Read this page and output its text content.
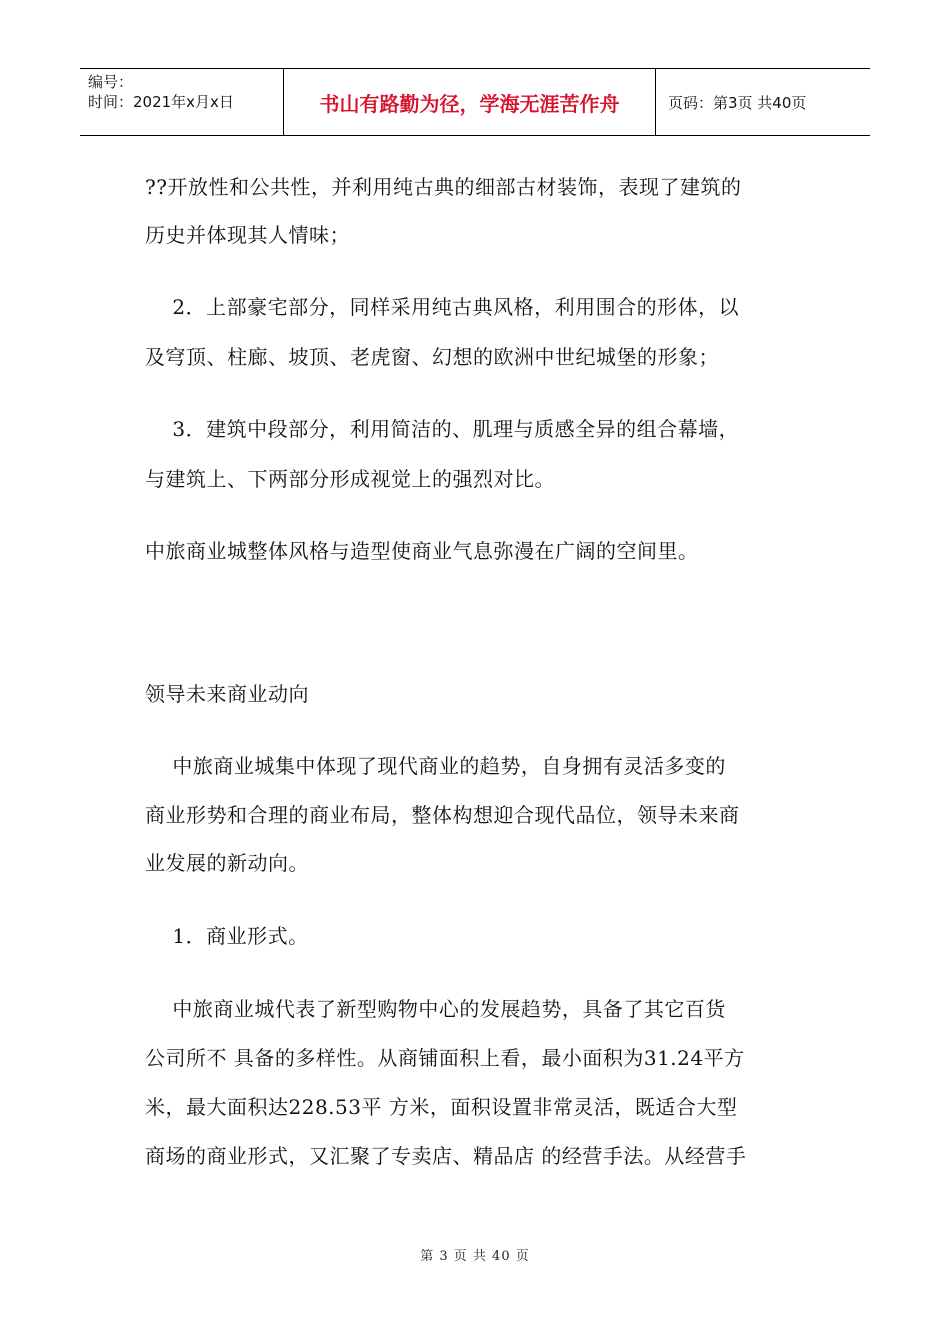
编号：
时间：2021年x月x日	书山有路勤为径，学海无涯苦作舟	页码：第3页 共40页
??开放性和公共性，并利用纯古典的细部古材装饰，表现了建筑的
历史并体现其人情味；
2．上部豪宅部分，同样采用纯古典风格，利用围合的形体，以
及穹顶、柱廊、坡顶、老虎窗、幻想的欧洲中世纪城堡的形象；
3．建筑中段部分，利用简洁的、肌理与质感全异的组合幕墙，
与建筑上、下两部分形成视觉上的强烈对比。
中旅商业城整体风格与造型使商业气息弥漫在广阔的空间里。
领导未来商业动向
中旅商业城集中体现了现代商业的趋势，自身拥有灵活多变的
商业形势和合理的商业布局，整体构想迎合现代品位，领导未来商
业发展的新动向。
1．商业形式。
中旅商业城代表了新型购物中心的发展趋势，具备了其它百货
公司所不 具备的多样性。从商铺面积上看，最小面积为31.24平方
米，最大面积达228.53平 方米，面积设置非常灵活，既适合大型
商场的商业形式，又汇聚了专卖店、精品店 的经营手法。从经营手
第 3 页 共 40 页
